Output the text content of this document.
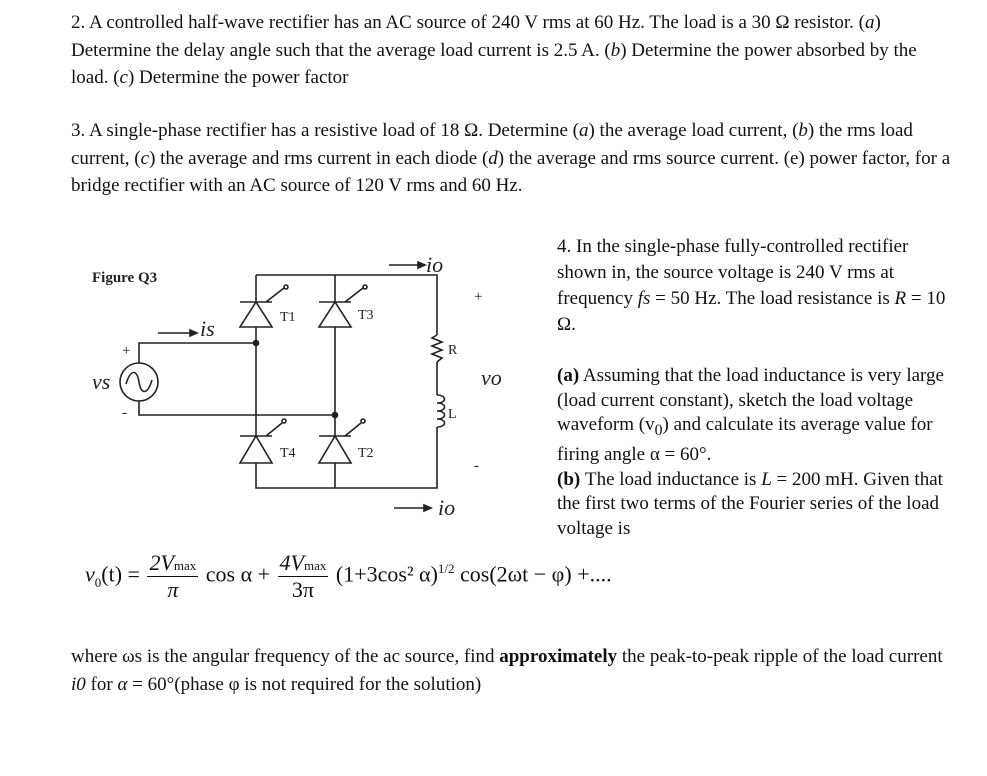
2. A controlled half-wave rectifier has an AC source of 240 V rms at 60 Hz. The load is a 30 Ω resistor. (a) Determine the delay angle such that the average load current is 2.5 A. (b) Determine the power absorbed by the load. (c) Determine the power factor
3. A single-phase rectifier has a resistive load of 18 Ω. Determine (a) the average load current, (b) the rms load current, (c) the average and rms current in each diode (d) the average and rms source current. (e) power factor, for a bridge rectifier with an AC source of 120 V rms and 60 Hz.
Figure Q3
T1	T3
T4	T2
R
L
+
-
+
-
vs
is
io
io
vo
4. In the single-phase fully-controlled rectifier shown in, the source voltage is 240 V rms at frequency fs = 50 Hz. The load resistance is R = 10 Ω.
(a) Assuming that the load inductance is very large (load current constant), sketch the load voltage waveform $(v_0)$ and calculate its average value for firing angle α = 60°.
(b) The load inductance is L = 200 mH. Given that the first two terms of the Fourier series of the load voltage is
$v_0(t) = \frac{2Vmax}{\pi}$ $\cos \alpha + \frac{4Vmax}{3\pi} (1+3\cos^2$ α)$^{1/2}$ cos(2ωt − φ) +....
where ωs is the angular frequency of the ac source, find approximately the peak-to-peak ripple of the load current i0 for α = 60°(phase φ is not required for the solution)
